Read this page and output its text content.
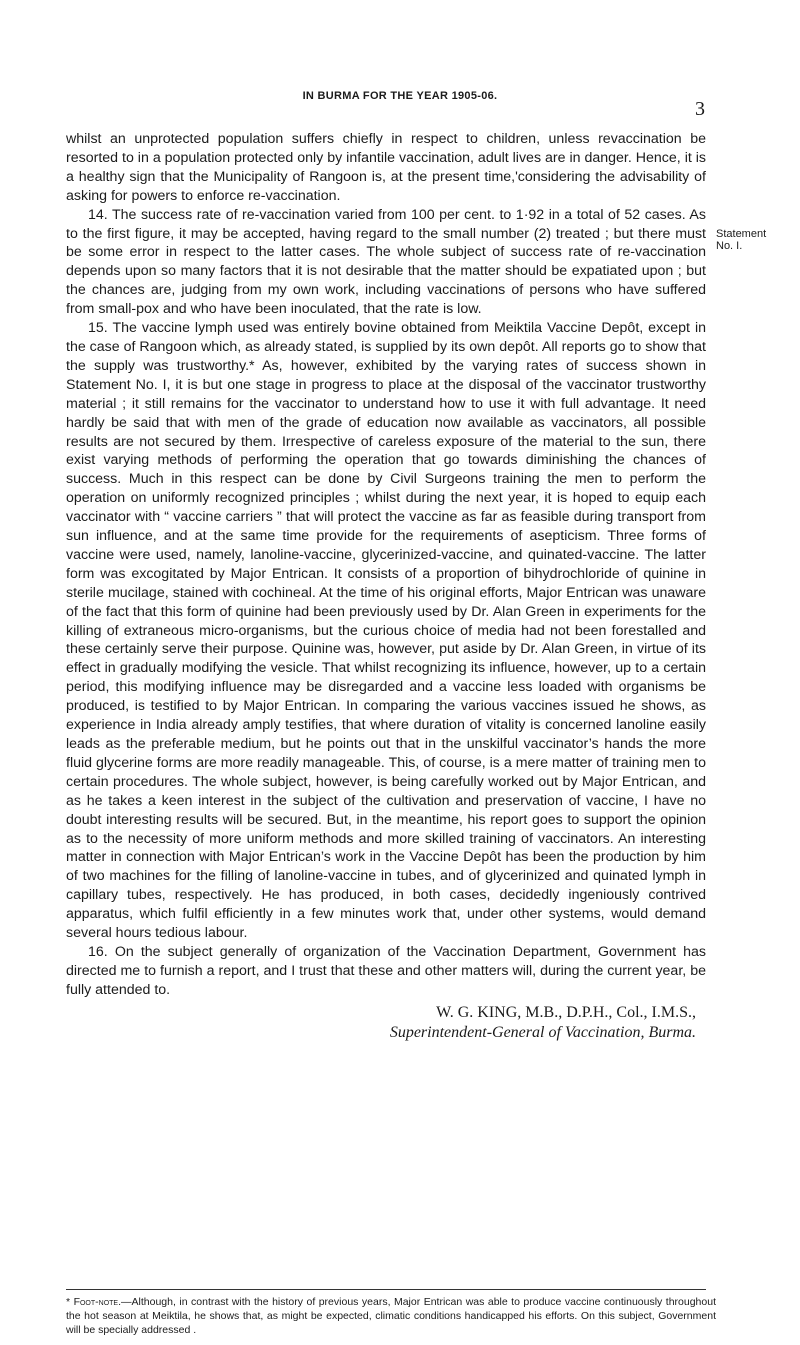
IN BURMA FOR THE YEAR 1905-06.
3
Statement No. I.

whilst an unprotected population suffers chiefly in respect to children, unless revaccination be resorted to in a population protected only by infantile vaccination, adult lives are in danger. Hence, it is a healthy sign that the Municipality of Rangoon is, at the present time,'considering the advisability of asking for powers to enforce re-vaccination.

14. The success rate of re-vaccination varied from 100 per cent. to 1·92 in a total of 52 cases. As to the first figure, it may be accepted, having regard to the small number (2) treated ; but there must be some error in respect to the latter cases. The whole subject of success rate of re-vaccination depends upon so many factors that it is not desirable that the matter should be expatiated upon ; but the chances are, judging from my own work, including vaccinations of persons who have suffered from small-pox and who have been inoculated, that the rate is low.

15. The vaccine lymph used was entirely bovine obtained from Meiktila Vaccine Depôt, except in the case of Rangoon which, as already stated, is supplied by its own depôt. All reports go to show that the supply was trustworthy.* As, however, exhibited by the varying rates of success shown in Statement No. I, it is but one stage in progress to place at the disposal of the vaccinator trustworthy material ; it still remains for the vaccinator to understand how to use it with full advantage. It need hardly be said that with men of the grade of education now available as vaccinators, all possible results are not secured by them. Irrespective of careless exposure of the material to the sun, there exist varying methods of performing the operation that go towards diminishing the chances of success. Much in this respect can be done by Civil Surgeons training the men to perform the operation on uniformly recognized principles ; whilst during the next year, it is hoped to equip each vaccinator with “ vaccine carriers ” that will protect the vaccine as far as feasible during transport from sun influence, and at the same time provide for the requirements of asepticism. Three forms of vaccine were used, namely, lanoline-vaccine, glycerinized-vaccine, and quinated-vaccine. The latter form was excogitated by Major Entrican. It consists of a proportion of bihydrochloride of quinine in sterile mucilage, stained with cochineal. At the time of his original efforts, Major Entrican was unaware of the fact that this form of quinine had been previously used by Dr. Alan Green in experiments for the killing of extraneous micro-organisms, but the curious choice of media had not been forestalled and these certainly serve their purpose. Quinine was, however, put aside by Dr. Alan Green, in virtue of its effect in gradually modifying the vesicle. That whilst recognizing its influence, however, up to a certain period, this modifying influence may be disregarded and a vaccine less loaded with organisms be produced, is testified to by Major Entrican. In comparing the various vaccines issued he shows, as experience in India already amply testifies, that where duration of vitality is concerned lanoline easily leads as the preferable medium, but he points out that in the unskilful vaccinator’s hands the more fluid glycerine forms are more readily manageable. This, of course, is a mere matter of training men to certain procedures. The whole subject, however, is being carefully worked out by Major Entrican, and as he takes a keen interest in the subject of the cultivation and preservation of vaccine, I have no doubt interesting results will be secured. But, in the meantime, his report goes to support the opinion as to the necessity of more uniform methods and more skilled training of vaccinators. An interesting matter in connection with Major Entrican’s work in the Vaccine Depôt has been the production by him of two machines for the filling of lanoline-vaccine in tubes, and of glycerinized and quinated lymph in capillary tubes, respectively. He has produced, in both cases, decidedly ingeniously contrived apparatus, which fulfil efficiently in a few minutes work that, under other systems, would demand several hours tedious labour.

16. On the subject generally of organization of the Vaccination Department, Government has directed me to furnish a report, and I trust that these and other matters will, during the current year, be fully attended to.

W. G. KING, M.B., D.P.H., Col., I.M.S.,
Superintendent-General of Vaccination, Burma.
* Foot-note.—Although, in contrast with the history of previous years, Major Entrican was able to produce vaccine continuously throughout the hot season at Meiktila, he shows that, as might be expected, climatic conditions handicapped his efforts. On this subject, Government will be specially addressed .
